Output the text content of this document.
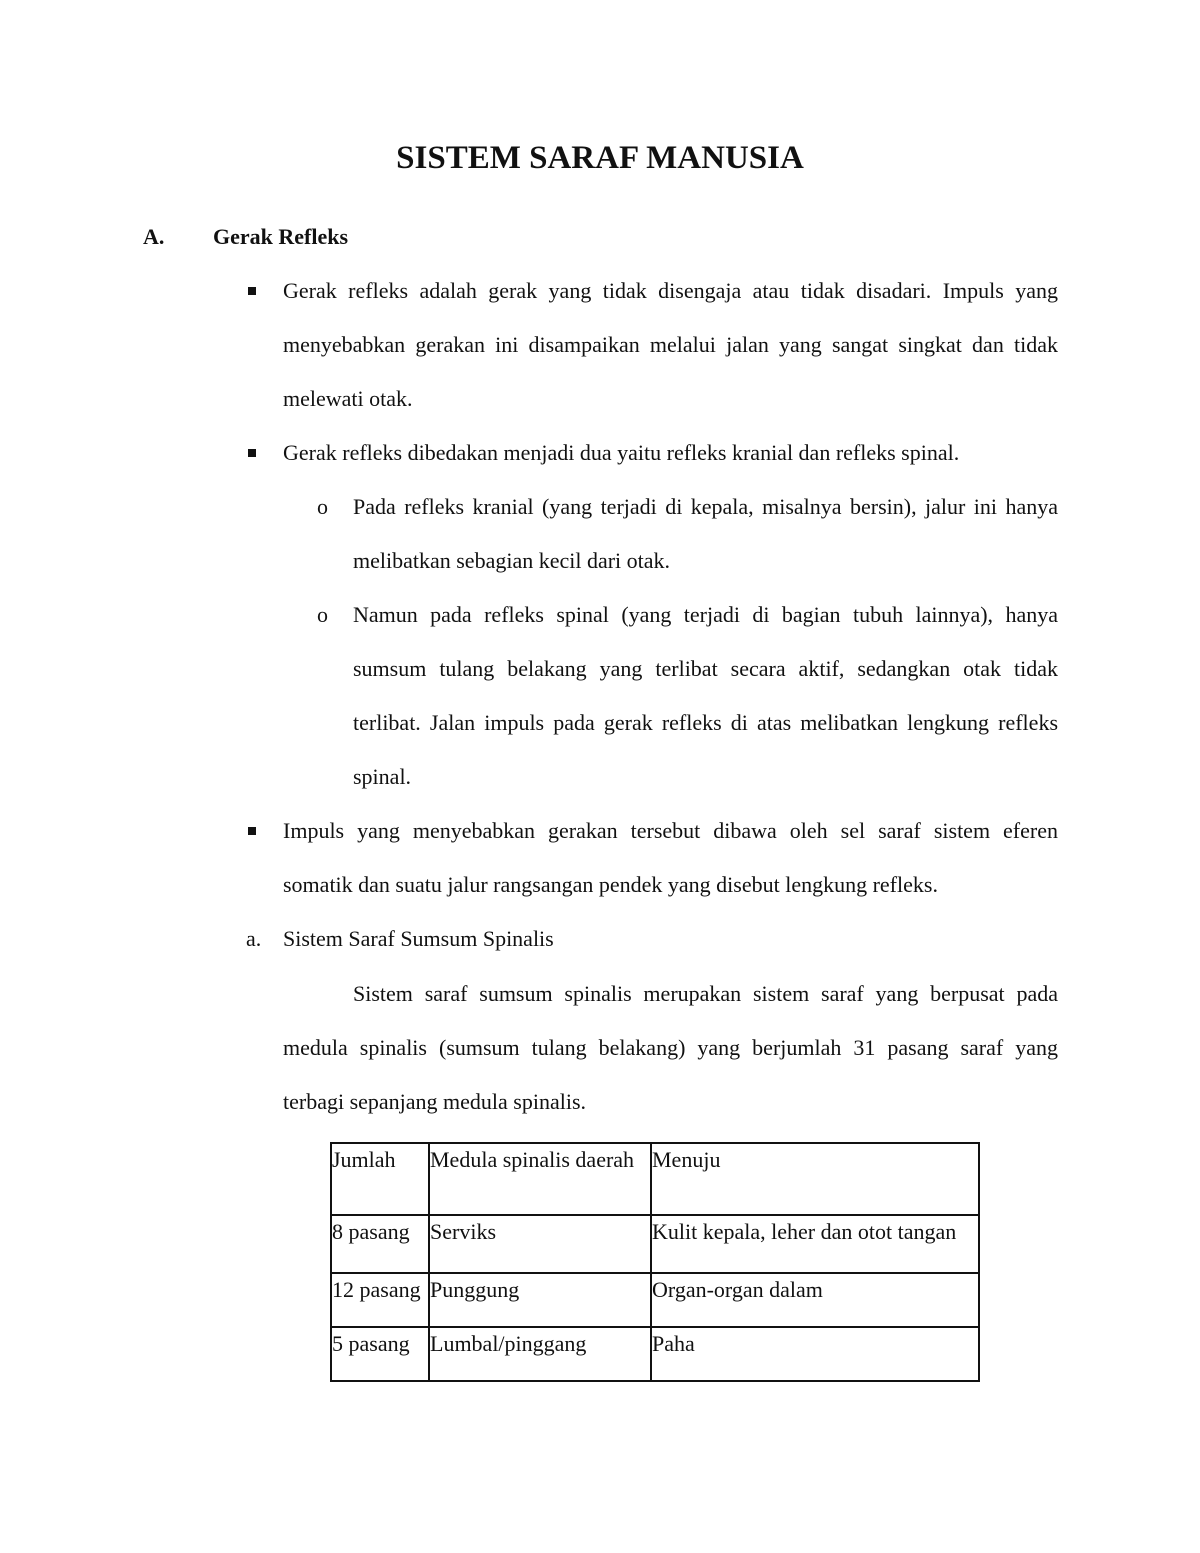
SISTEM SARAF MANUSIA
A. Gerak Refleks
Gerak refleks adalah gerak yang tidak disengaja atau tidak disadari. Impuls yang
menyebabkan gerakan ini disampaikan melalui jalan yang sangat singkat dan tidak
melewati otak.
Gerak refleks dibedakan menjadi dua yaitu refleks kranial dan refleks spinal.
o Pada refleks kranial (yang terjadi di kepala, misalnya bersin), jalur ini hanya
melibatkan sebagian kecil dari otak.
o Namun pada refleks spinal (yang terjadi di bagian tubuh lainnya), hanya
sumsum tulang belakang yang terlibat secara aktif, sedangkan otak tidak
terlibat. Jalan impuls pada gerak refleks di atas melibatkan lengkung refleks
spinal.
Impuls yang menyebabkan gerakan tersebut dibawa oleh sel saraf sistem eferen
somatik dan suatu jalur rangsangan pendek yang disebut lengkung refleks.
a. Sistem Saraf Sumsum Spinalis
Sistem saraf sumsum spinalis merupakan sistem saraf yang berpusat pada
medula spinalis (sumsum tulang belakang) yang berjumlah 31 pasang saraf yang
terbagi sepanjang medula spinalis.
Jumlah	Medula spinalis daerah	Menuju
8 pasang	Serviks	Kulit kepala, leher dan otot tangan
12 pasang	Punggung	Organ-organ dalam
5 pasang	Lumbal/pinggang	Paha
